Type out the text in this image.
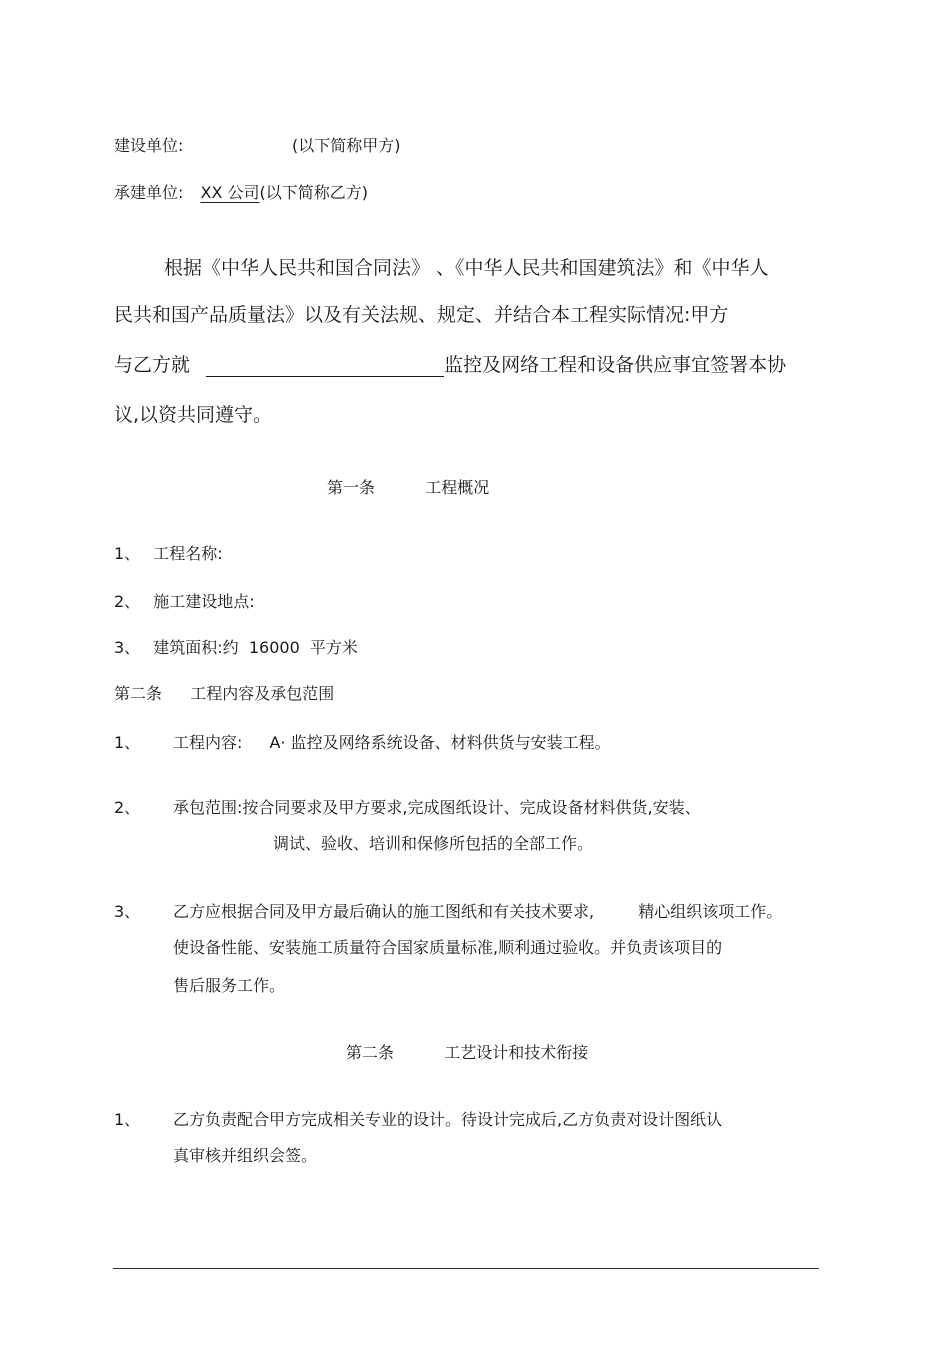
建设单位:	(以下简称甲方)
承建单位: XX 公司(以下简称乙方)
根据《中华人民共和国合同法》 、《中华人民共和国建筑法》和《中华人
民共和国产品质量法》以及有关法规、规定、并结合本工程实际情况:甲方
与乙方就	监控及网络工程和设备供应事宜签署本协
议,以资共同遵守。
第一条	工程概况
1、 工程名称:
2、 施工建设地点:
3、 建筑面积:约  16000  平方米
第二条 工程内容及承包范围
1、 工程内容: A· 监控及网络系统设备、材料供货与安装工程。
2、 承包范围:按合同要求及甲方要求,完成图纸设计、完成设备材料供货,安装、
调试、验收、培训和保修所包括的全部工作。
3、 乙方应根据合同及甲方最后确认的施工图纸和有关技术要求,	精心组织该项工作。
使设备性能、安装施工质量符合国家质量标准,顺利通过验收。并负责该项目的
售后服务工作。
第二条	工艺设计和技术衔接
1、 乙方负责配合甲方完成相关专业的设计。待设计完成后,乙方负责对设计图纸认
真审核并组织会签。
